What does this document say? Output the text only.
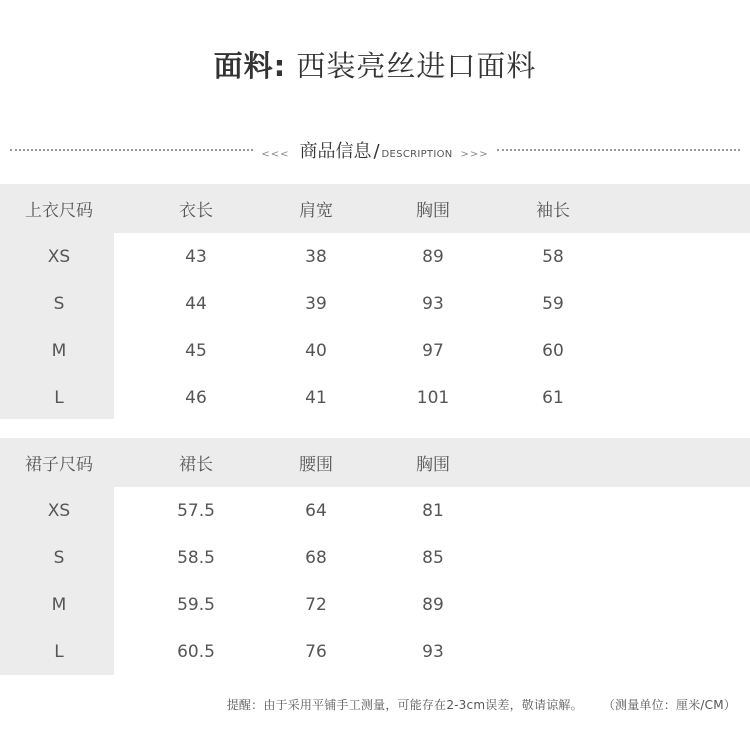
面料: 西装亮丝进口面料
<<< 商品信息 / DESCRIPTION >>>
上衣尺码	衣长	肩宽	胸围	袖长
XS	43	38	89	58
S	44	39	93	59
M	45	40	97	60
L	46	41	101	61
裙子尺码	裙长	腰围	胸围
XS	57.5	64	81
S	58.5	68	85
M	59.5	72	89
L	60.5	76	93
提醒：由于采用平铺手工测量，可能存在2-3cm误差，敬请谅解。 （测量单位：厘米/CM）
